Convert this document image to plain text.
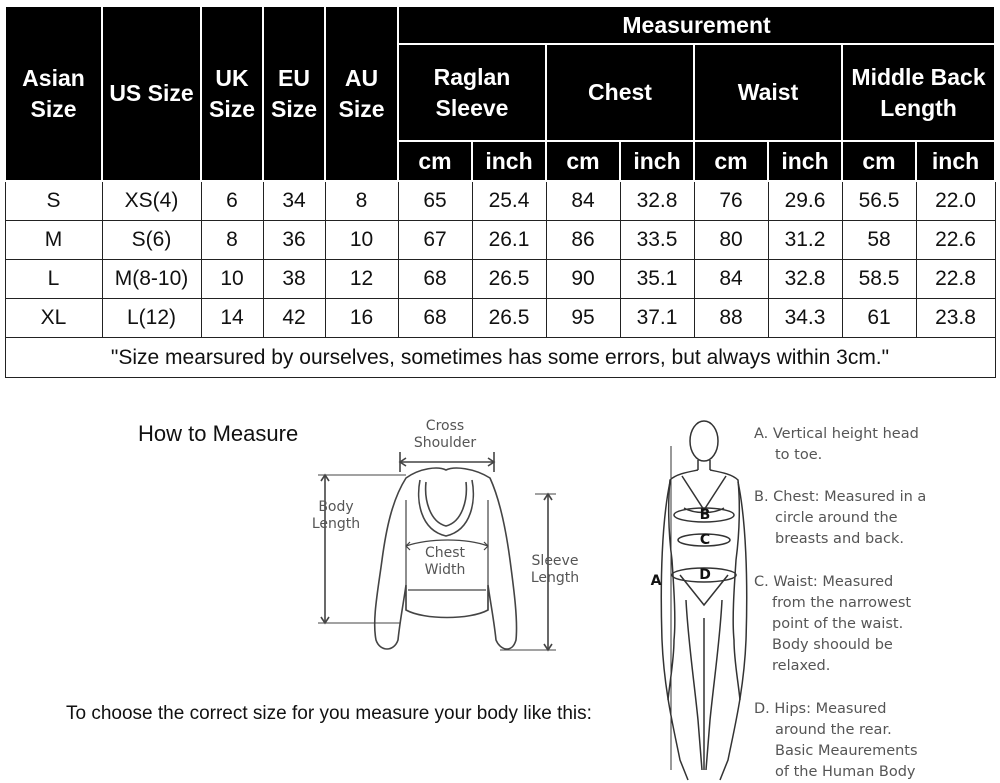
Asian Size	US Size	UK Size	EU Size	AU Size	Measurement							
					Raglan Sleeve		Chest		Waist		Middle Back Length	
					cm	inch	cm	inch	cm	inch	cm	inch
S	XS(4)	6	34	8	65	25.4	84	32.8	76	29.6	56.5	22.0
M	S(6)	8	36	10	67	26.1	86	33.5	80	31.2	58	22.6
L	M(8-10)	10	38	12	68	26.5	90	35.1	84	32.8	58.5	22.8
XL	L(12)	14	42	16	68	26.5	95	37.1	88	34.3	61	23.8
"Size mearsured by ourselves, sometimes has some errors, but always within 3cm."												
How to Measure
To choose the correct size for you measure your body like this:
Cross
Shoulder
Body
Length
Chest
Width
Sleeve
Length	A
B
C
D
A. Vertical height head
to toe.
B. Chest: Measured in a
circle around the
breasts and back.
C. Waist: Measured
from the narrowest
point of the waist.
Body shoould be
relaxed.
D. Hips: Measured
around the rear.
Basic Meaurements
of the Human Body
